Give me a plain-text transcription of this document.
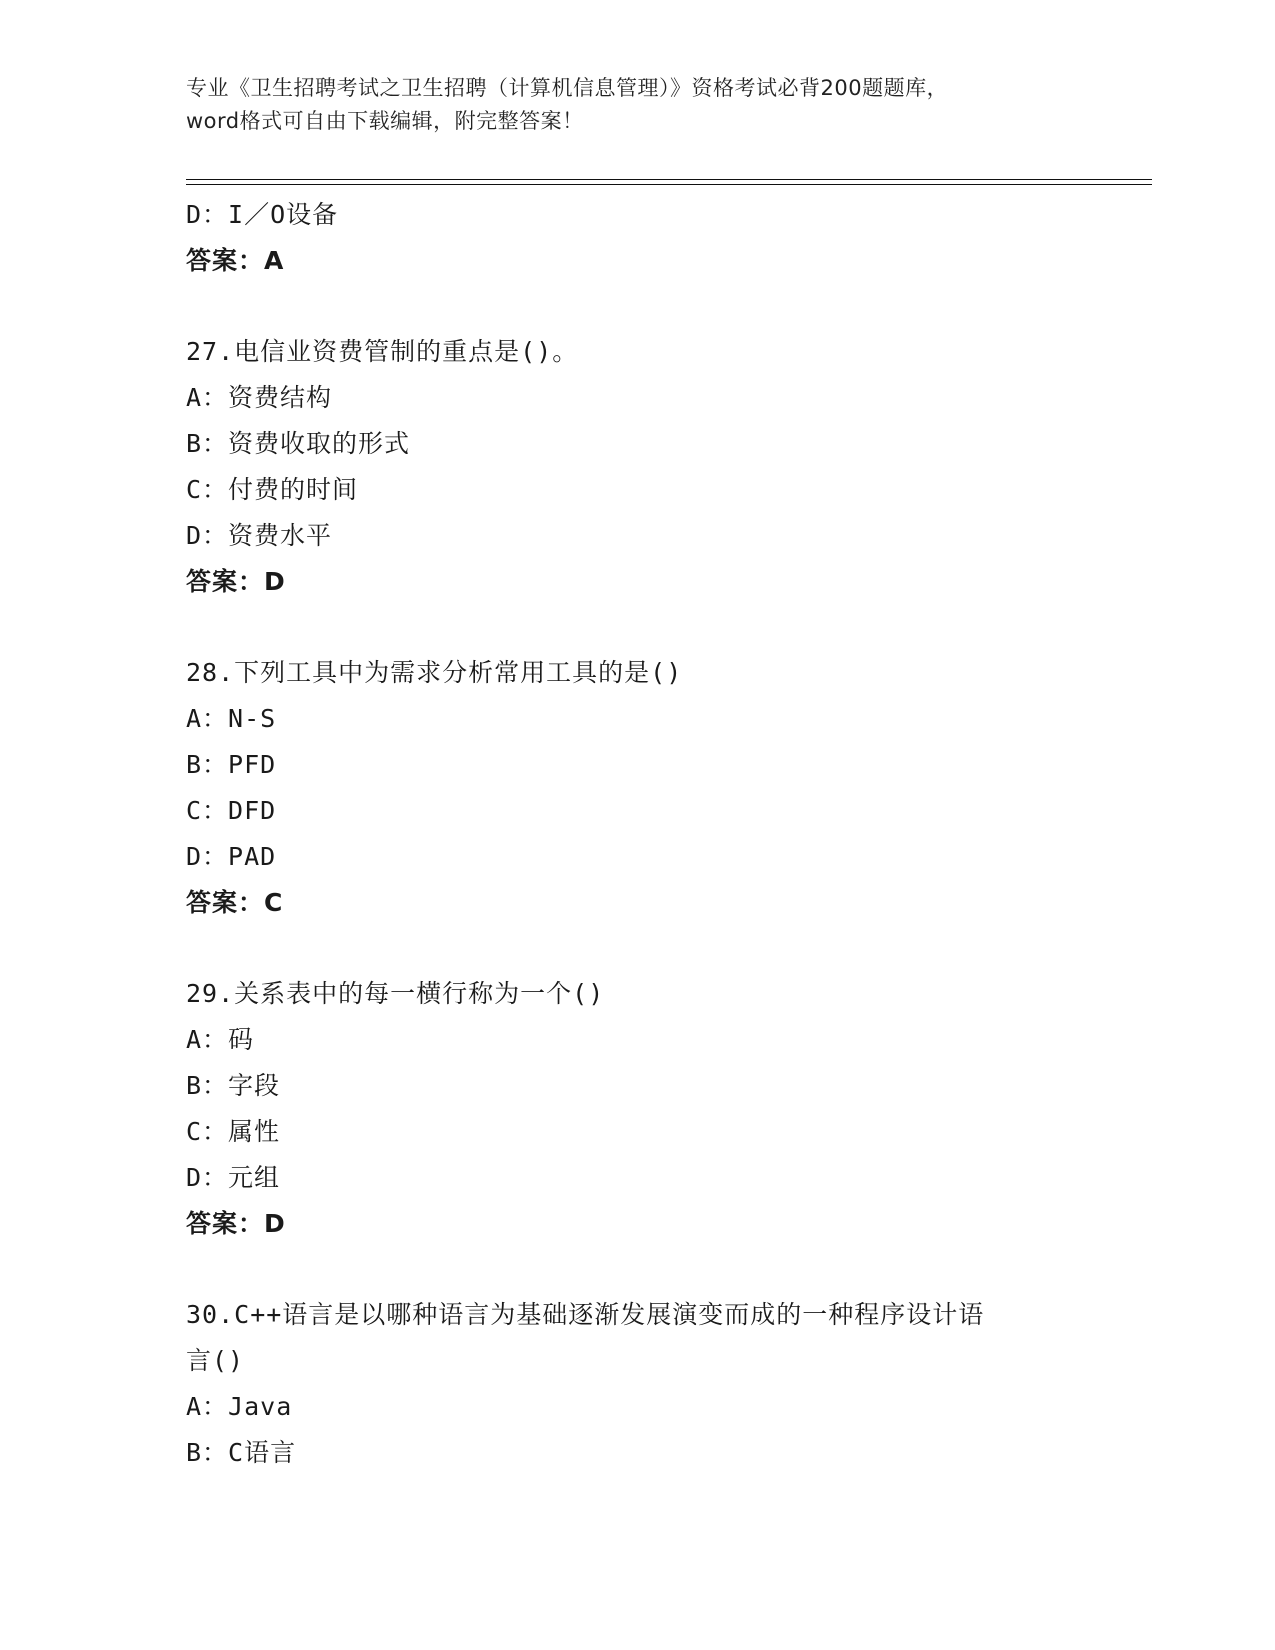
专业《卫生招聘考试之卫生招聘（计算机信息管理）》资格考试必背200题题库，
word格式可自由下载编辑，附完整答案！
D：I／O设备
答案：A
27.电信业资费管制的重点是()。
A：资费结构
B：资费收取的形式
C：付费的时间
D：资费水平
答案：D
28.下列工具中为需求分析常用工具的是()
A：N-S
B：PFD
C：DFD
D：PAD
答案：C
29.关系表中的每一横行称为一个()
A：码
B：字段
C：属性
D：元组
答案：D
30.C++语言是以哪种语言为基础逐渐发展演变而成的一种程序设计语
言()
A：Java
B：C语言
